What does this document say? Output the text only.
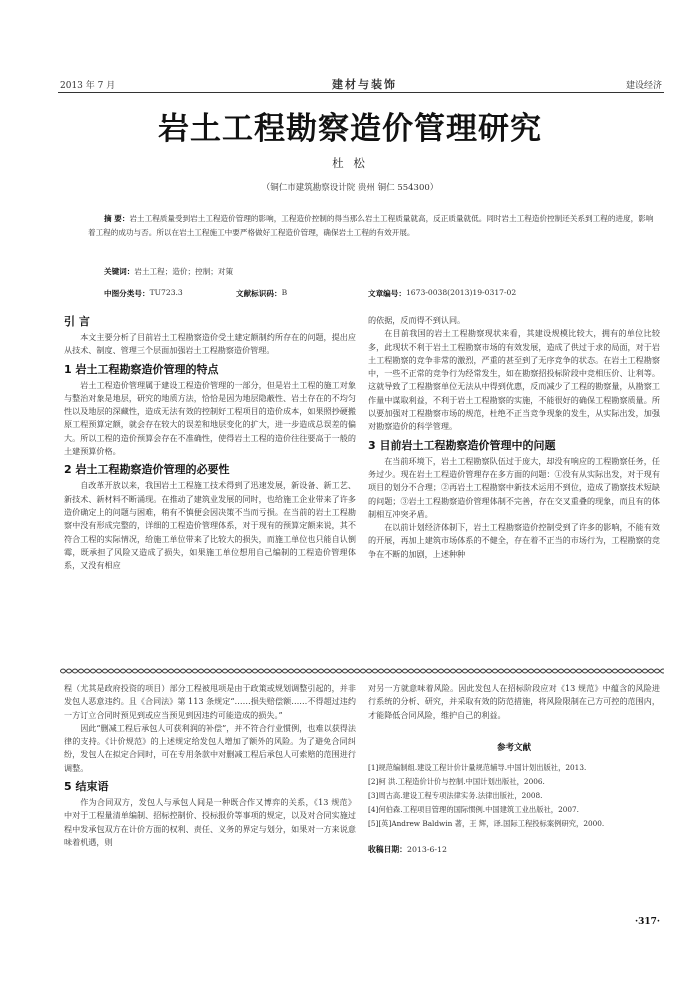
2013 年 7 月	建材与装饰	建设经济
岩土工程勘察造价管理研究
杜 松
（铜仁市建筑勘察设计院 贵州 铜仁 554300）
摘 要：岩土工程质量受到岩土工程造价管理的影响，工程造价控制的得当那么岩土工程质量就高，反正质量就低。同时岩土工程造价控制还关系到工程的进度，影响着工程的成功与否。所以在岩土工程施工中要严格做好工程造价管理，确保岩土工程的有效开展。
关键词：岩土工程；造价；控制；对策
中图分类号： TU723.3	文献标识码： B	文章编号： 1673-0038(2013)19-0317-02
引 言

本文主要分析了目前岩土工程勘察造价受土建定额制约所存在的问题，提出应从技术、制度、管理三个层面加强岩土工程勘察造价管理。

1 岩土工程勘察造价管理的特点

岩土工程造价管理属于建设工程造价管理的一部分，但是岩土工程的施工对象与整治对象是地层，研究的地质方法，恰恰是因为地层隐蔽性、岩土存在的不均匀性以及地层的深藏性，造成无法有效的控制好工程项目的造价成本，如果照抄硬搬原工程预算定额，就会存在较大的误差和地层变化的扩大，进一步造成总误差的偏大。所以工程的造价预算会存在不准确性，使得岩土工程的造价往往要高于一般的土建预算价格。

2 岩土工程勘察造价管理的必要性

自改革开放以来，我国岩土工程施工技术得到了迅速发展，新设备、新工艺、新技术、新材料不断涌现。在推动了建筑业发展的同时，也给施工企业带来了许多造价确定上的问题与困难，稍有不慎便会因决策不当而亏损。在当前的岩土工程勘察中没有形成完整的，详细的工程造价管理体系，对于现有的预算定额来说，其不符合工程的实际情况，给施工单位带来了比较大的损失，而施工单位也只能自认倒霉，既承担了风险又造成了损失，如果施工单位想用自己编制的工程造价管理体系，又没有相应

的依据，反而得不到认同。

在目前我国的岩土工程勘察现状来看，其建设规模比较大，拥有的单位比较多，此现状不利于岩土工程勘察市场的有效发展，造成了供过于求的局面，对于岩土工程勘察的竞争非常的激烈，严重的甚至到了无序竞争的状态。在岩土工程勘察中，一些不正常的竞争行为经常发生，如在勘察招投标阶段中竞相压价、让利等。这就导致了工程勘察单位无法从中得到优惠，反而减少了工程的勘察量，从勘察工作量中谋取利益，不利于岩土工程勘察的实施，不能很好的确保工程勘察质量。所以要加强对工程勘察市场的规范，杜绝不正当竞争现象的发生，从实际出发，加强对勘察造价的科学管理。

3 目前岩土工程勘察造价管理中的问题

在当前环境下，岩土工程勘察队伍过于庞大，却没有响应的工程勘察任务，任务过少。现在岩土工程造价管理存在多方面的问题：①没有从实际出发，对于现有项目的划分不合理；②再岩土工程勘察中新技术运用不到位，造成了勘察技术短缺的问题；③岩土工程勘察造价管理体制不完善，存在交叉重叠的现象，而且有的体制相互冲突矛盾。

在以前计划经济体制下，岩土工程勘察造价控制受到了许多的影响，不能有效的开展，再加上建筑市场体系的不健全，存在着不正当的市场行为，工程勘察的竞争在不断的加剧，上述种种

程（尤其是政府投资的项目）部分工程被甩项是由于政策或规划调整引起的，并非发包人恶意违约。且《合同法》第 113 条规定“……损失赔偿额……不得超过违约一方订立合同时预见到或应当预见到因违约可能造成的损失。”

因此“删减工程后承包人可获利润的补偿”，并不符合行业惯例，也难以获得法律的支持。《计价规范》的上述规定给发包人增加了额外的风险。为了避免合同纠纷，发包人在拟定合同时，可在专用条款中对删减工程后承包人可索赔的范围进行调整。

5 结束语

作为合同双方，发包人与承包人间是一种既合作又博弈的关系，《13 规范》中对于工程量清单编制、招标控制价、投标报价等事项的规定，以及对合同实施过程中发承包双方在计价方面的权利、责任、义务的界定与划分，如果对一方来说意味着机遇，则

对另一方就意味着风险。因此发包人在招标阶段应对《13 规范》中蕴含的风险进行系统的分析、研究，并采取有效的防范措施，将风险限制在己方可控的范围内，才能降低合同风险，维护自己的利益。

参考文献
[1]规范编制组.建设工程计价计量规范辅导.中国计划出版社，2013.
[2]柯 洪.工程造价计价与控制.中国计划出版社，2006.
[3]周古高.建设工程专项法律实务.法律出版社，2008.
[4]何伯森.工程项目管理的国际惯例.中国建筑工业出版社，2007.
[5][英]Andrew Baldwin 著，王 辉，译.国际工程投标案例研究，2000.
收稿日期：2013-6-12
·317·
